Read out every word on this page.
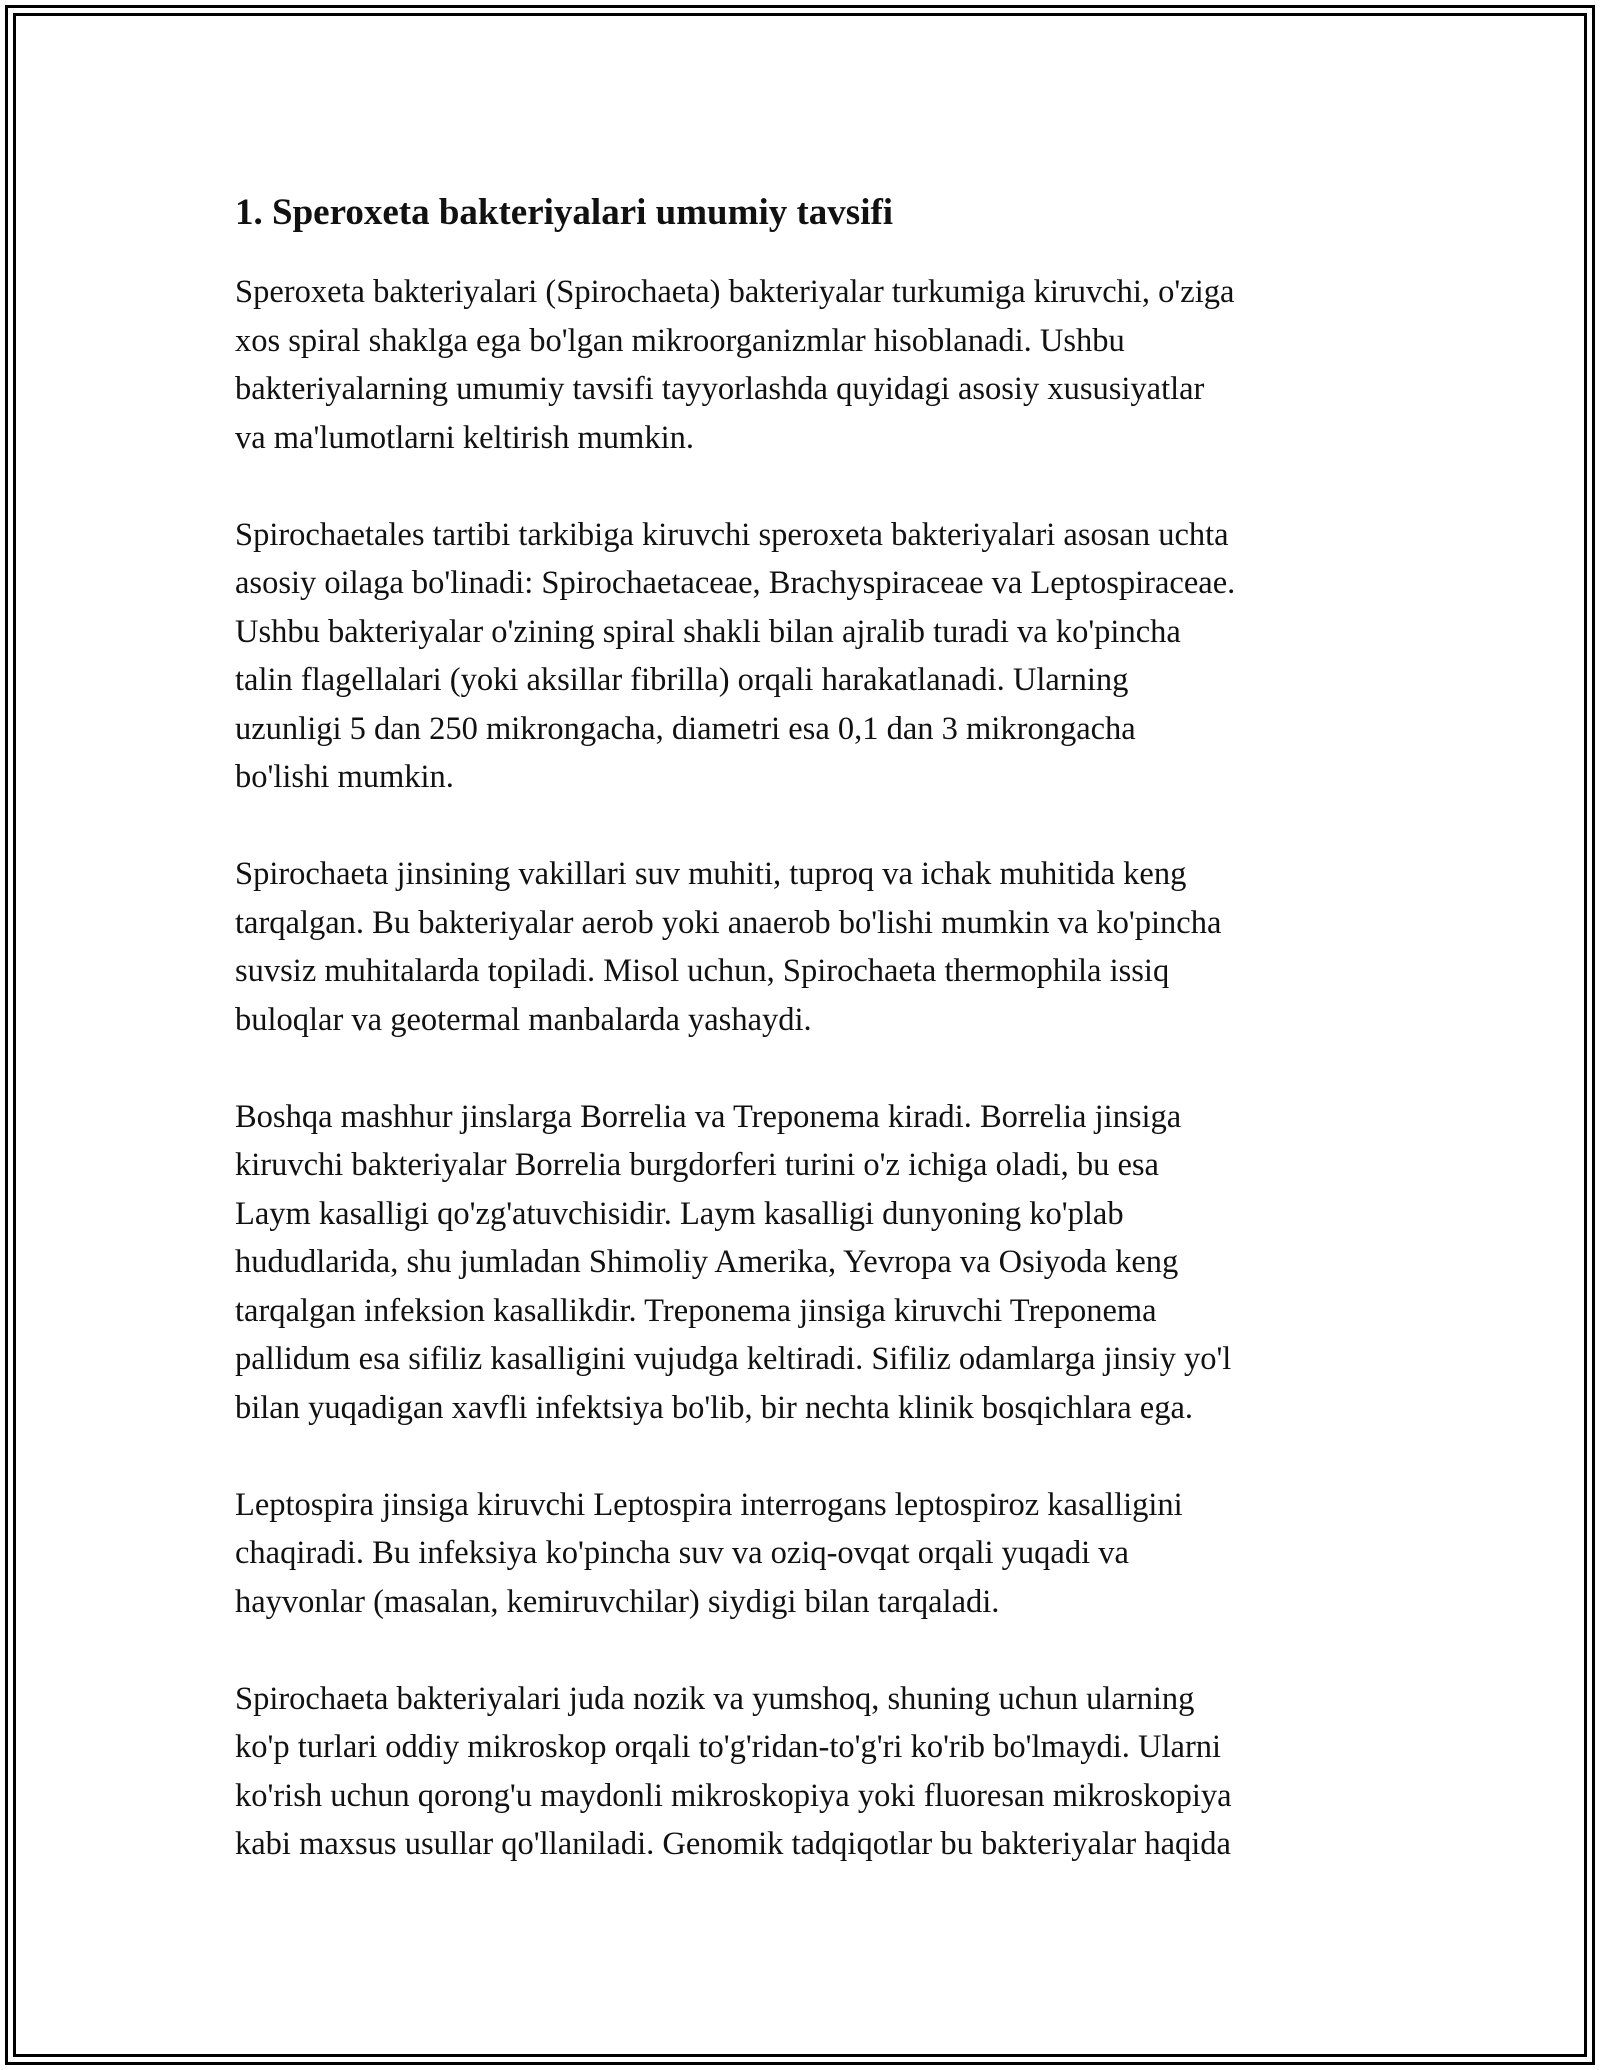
1. Speroxeta bakteriyalari umumiy tavsifi

Speroxeta bakteriyalari (Spirochaeta) bakteriyalar turkumiga kiruvchi, o'ziga
xos spiral shaklga ega bo'lgan mikroorganizmlar hisoblanadi. Ushbu
bakteriyalarning umumiy tavsifi tayyorlashda quyidagi asosiy xususiyatlar
va ma'lumotlarni keltirish mumkin.

Spirochaetales tartibi tarkibiga kiruvchi speroxeta bakteriyalari asosan uchta
asosiy oilaga bo'linadi: Spirochaetaceae, Brachyspiraceae va Leptospiraceae.
Ushbu bakteriyalar o'zining spiral shakli bilan ajralib turadi va ko'pincha
talin flagellalari (yoki aksillar fibrilla) orqali harakatlanadi. Ularning
uzunligi 5 dan 250 mikrongacha, diametri esa 0,1 dan 3 mikrongacha
bo'lishi mumkin.

Spirochaeta jinsining vakillari suv muhiti, tuproq va ichak muhitida keng
tarqalgan. Bu bakteriyalar aerob yoki anaerob bo'lishi mumkin va ko'pincha
suvsiz muhitalarda topiladi. Misol uchun, Spirochaeta thermophila issiq
buloqlar va geotermal manbalarda yashaydi.

Boshqa mashhur jinslarga Borrelia va Treponema kiradi. Borrelia jinsiga
kiruvchi bakteriyalar Borrelia burgdorferi turini o'z ichiga oladi, bu esa
Laym kasalligi qo'zg'atuvchisidir. Laym kasalligi dunyoning ko'plab
hududlarida, shu jumladan Shimoliy Amerika, Yevropa va Osiyoda keng
tarqalgan infeksion kasallikdir. Treponema jinsiga kiruvchi Treponema
pallidum esa sifiliz kasalligini vujudga keltiradi. Sifiliz odamlarga jinsiy yo'l
bilan yuqadigan xavfli infektsiya bo'lib, bir nechta klinik bosqichlara ega.

Leptospira jinsiga kiruvchi Leptospira interrogans leptospiroz kasalligini
chaqiradi. Bu infeksiya ko'pincha suv va oziq-ovqat orqali yuqadi va
hayvonlar (masalan, kemiruvchilar) siydigi bilan tarqaladi.

Spirochaeta bakteriyalari juda nozik va yumshoq, shuning uchun ularning
ko'p turlari oddiy mikroskop orqali to'g'ridan-to'g'ri ko'rib bo'lmaydi. Ularni
ko'rish uchun qorong'u maydonli mikroskopiya yoki fluoresan mikroskopiya
kabi maxsus usullar qo'llaniladi. Genomik tadqiqotlar bu bakteriyalar haqida
